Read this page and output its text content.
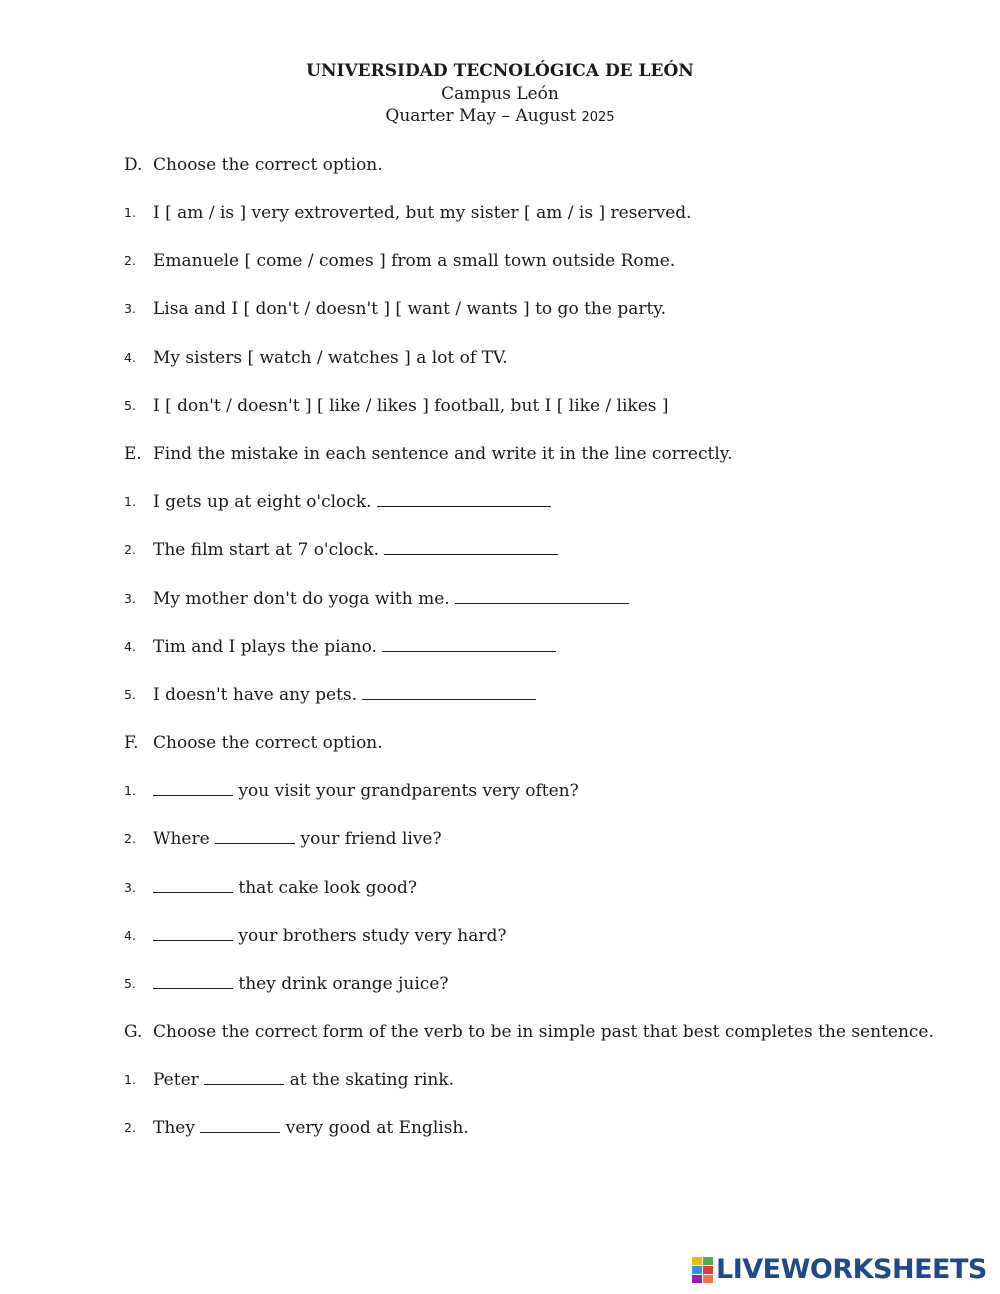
UNIVERSIDAD TECNOLÓGICA DE LEÓN
Campus León
Quarter May – August 2025
D. Choose the correct option.
1. I [ am / is ] very extroverted, but my sister [ am / is ] reserved.
2. Emanuele [ come / comes ] from a small town outside Rome.
3. Lisa and I [ don't / doesn't ] [ want / wants ] to go the party.
4. My sisters [ watch / watches ] a lot of TV.
5. I [ don't / doesn't ] [ like / likes ] football, but I [ like / likes ]
E. Find the mistake in each sentence and write it in the line correctly.
1. I gets up at eight o'clock.
2. The film start at 7 o'clock.
3. My mother don't do yoga with me.
4. Tim and I plays the piano.
5. I doesn't have any pets.
F. Choose the correct option.
1.	you visit your grandparents very often?
2. Where	your friend live?
3.	that cake look good?
4.	your brothers study very hard?
5.	they drink orange juice?
G. Choose the correct form of the verb to be in simple past that best completes the sentence.
1. Peter	at the skating rink.
2. They	very good at English.
LIVEWORKSHEETS
